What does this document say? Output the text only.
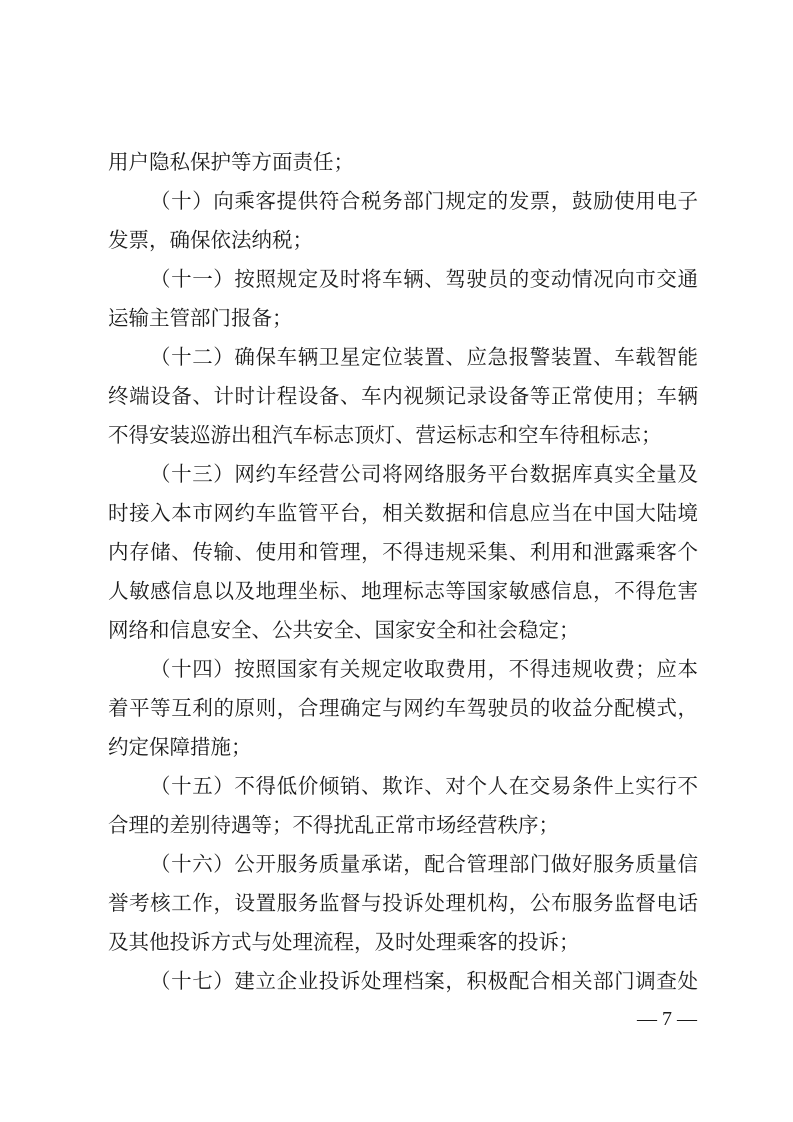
用户隐私保护等方面责任；
（十）向乘客提供符合税务部门规定的发票，鼓励使用电子
发票，确保依法纳税；
（十一）按照规定及时将车辆、驾驶员的变动情况向市交通
运输主管部门报备；
（十二）确保车辆卫星定位装置、应急报警装置、车载智能
终端设备、计时计程设备、车内视频记录设备等正常使用；车辆
不得安装巡游出租汽车标志顶灯、营运标志和空车待租标志；
（十三）网约车经营公司将网络服务平台数据库真实全量及
时接入本市网约车监管平台，相关数据和信息应当在中国大陆境
内存储、传输、使用和管理，不得违规采集、利用和泄露乘客个
人敏感信息以及地理坐标、地理标志等国家敏感信息，不得危害
网络和信息安全、公共安全、国家安全和社会稳定；
（十四）按照国家有关规定收取费用，不得违规收费；应本
着平等互利的原则，合理确定与网约车驾驶员的收益分配模式，
约定保障措施；
（十五）不得低价倾销、欺诈、对个人在交易条件上实行不
合理的差别待遇等；不得扰乱正常市场经营秩序；
（十六）公开服务质量承诺，配合管理部门做好服务质量信
誉考核工作，设置服务监督与投诉处理机构，公布服务监督电话
及其他投诉方式与处理流程，及时处理乘客的投诉；
（十七）建立企业投诉处理档案，积极配合相关部门调查处
— 7 —
